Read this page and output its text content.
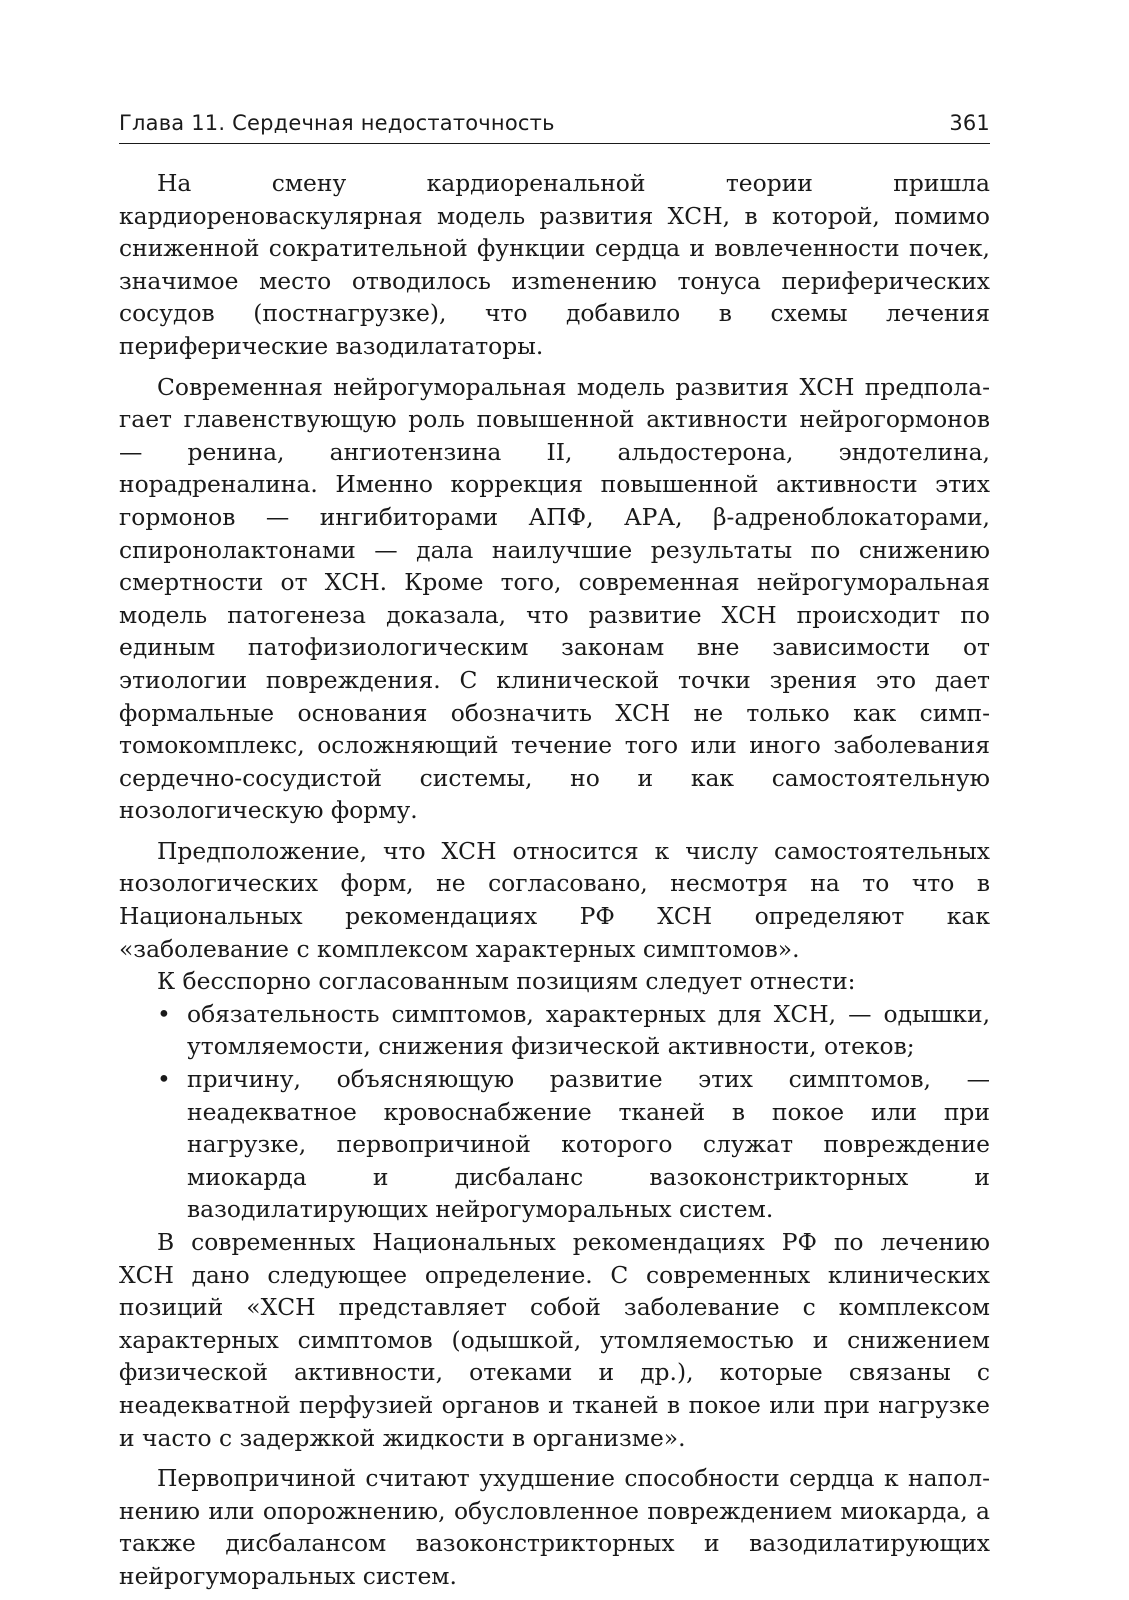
Глава 11. Сердечная недостаточность	361

На смену кардиоренальной теории пришла кардиореноваскулярная модель развития ХСН, в которой, помимо сниженной сократительной функции сердца и вовлеченности почек, значимое место отводилось изmенению тонуса периферических сосудов (постнагрузке), что добавило в схемы лечения периферические вазодилататоры.

Современная нейрогуморальная модель развития ХСН предполагает главенствующую роль повышенной активности нейрогормонов — ренина, ангиотензина II, альдостерона, эндотелина, норадреналина. Именно коррекция повышенной активности этих гормонов — ингибиторами АПФ, АРА, β-адреноблокаторами, спиронолактонами — дала наилучшие результаты по снижению смертности от ХСН. Кроме того, современная нейрогуморальная модель патогенеза доказала, что развитие ХСН происходит по единым патофизиологическим законам вне зависимости от этиологии повреждения. С клинической точки зрения это дает формальные основания обозначить ХСН не только как симптомокомплекс, осложняющий течение того или иного заболевания сердечно-сосудистой системы, но и как самостоятельную нозологическую форму.

Предположение, что ХСН относится к числу самостоятельных нозологических форм, не согласовано, несмотря на то что в Национальных рекомендациях РФ ХСН определяют как «заболевание с комплексом характерных симптомов».

К бесспорно согласованным позициям следует отнести:

• обязательность симптомов, характерных для ХСН, — одышки, утомляемости, снижения физической активности, отеков;
• причину, объясняющую развитие этих симптомов, — неадекватное кровоснабжение тканей в покое или при нагрузке, первопричиной которого служат повреждение миокарда и дисбаланс вазоконстрикторных и вазодилатирующих нейрогуморальных систем.

В современных Национальных рекомендациях РФ по лечению ХСН дано следующее определение. С современных клинических позиций «ХСН представляет собой заболевание с комплексом характерных симптомов (одышкой, утомляемостью и снижением физической активности, отеками и др.), которые связаны с неадекватной перфузией органов и тканей в покое или при нагрузке и часто с задержкой жидкости в организме».

Первопричиной считают ухудшение способности сердца к наполнению или опорожнению, обусловленное повреждением миокарда, а также дисбалансом вазоконстрикторных и вазодилатирующих нейрогуморальных систем.
